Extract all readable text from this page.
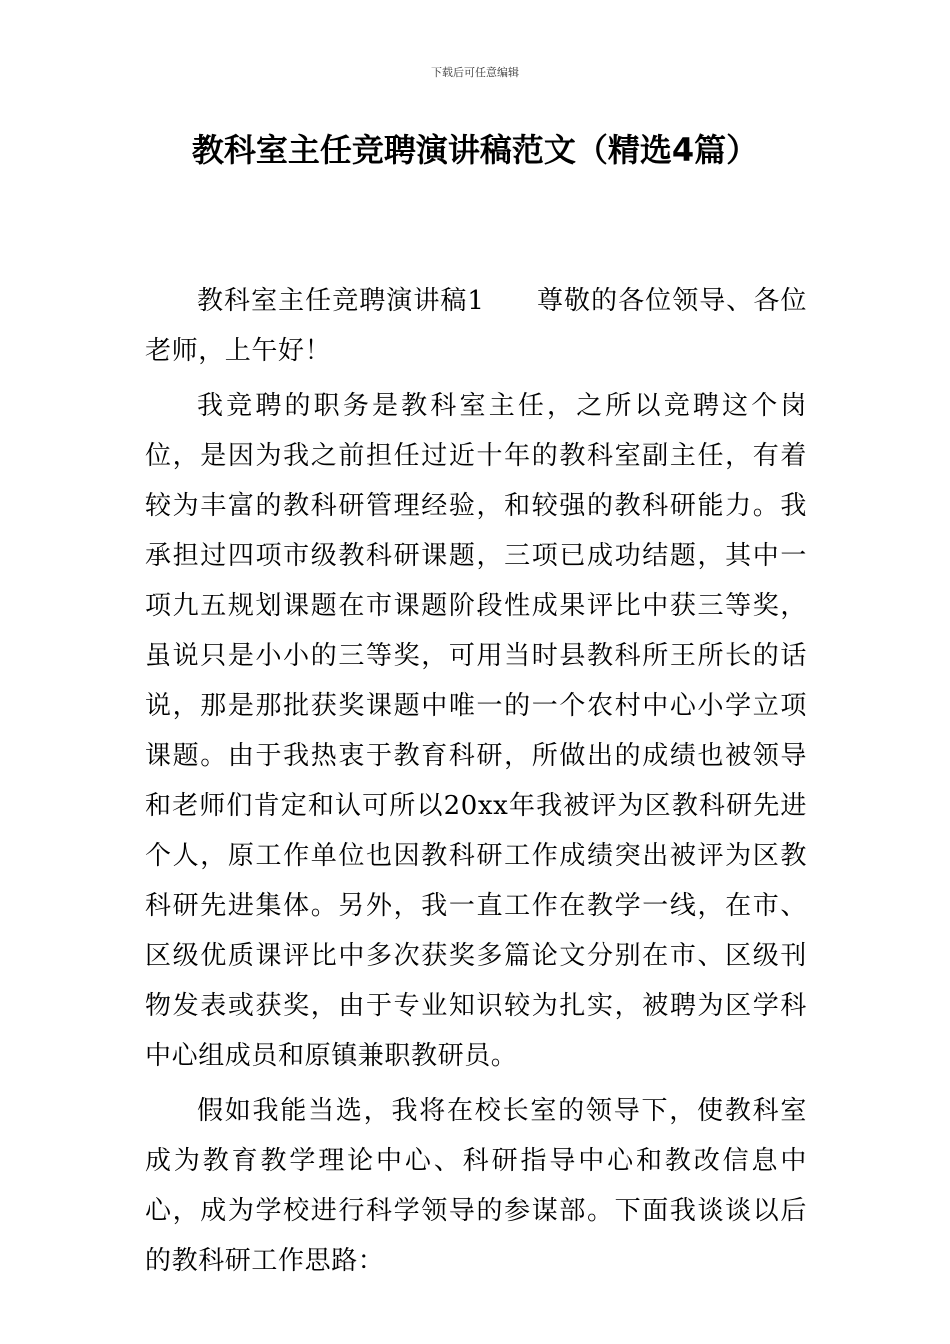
下载后可任意编辑
教科室主任竞聘演讲稿范文（精选4篇）

教科室主任竞聘演讲稿1 尊敬的各位领导、各位老师，上午好！

我竞聘的职务是教科室主任，之所以竞聘这个岗位，是因为我之前担任过近十年的教科室副主任，有着较为丰富的教科研管理经验，和较强的教科研能力。我承担过四项市级教科研课题，三项已成功结题，其中一项九五规划课题在市课题阶段性成果评比中获三等奖，虽说只是小小的三等奖，可用当时县教科所王所长的话说，那是那批获奖课题中唯一的一个农村中心小学立项课题。由于我热衷于教育科研，所做出的成绩也被领导和老师们肯定和认可所以20xx年我被评为区教科研先进个人，原工作单位也因教科研工作成绩突出被评为区教科研先进集体。另外，我一直工作在教学一线，在市、区级优质课评比中多次获奖多篇论文分别在市、区级刊物发表或获奖，由于专业知识较为扎实，被聘为区学科中心组成员和原镇兼职教研员。

假如我能当选，我将在校长室的领导下，使教科室成为教育教学理论中心、科研指导中心和教改信息中心，成为学校进行科学领导的参谋部。下面我谈谈以后的教科研工作思路：
